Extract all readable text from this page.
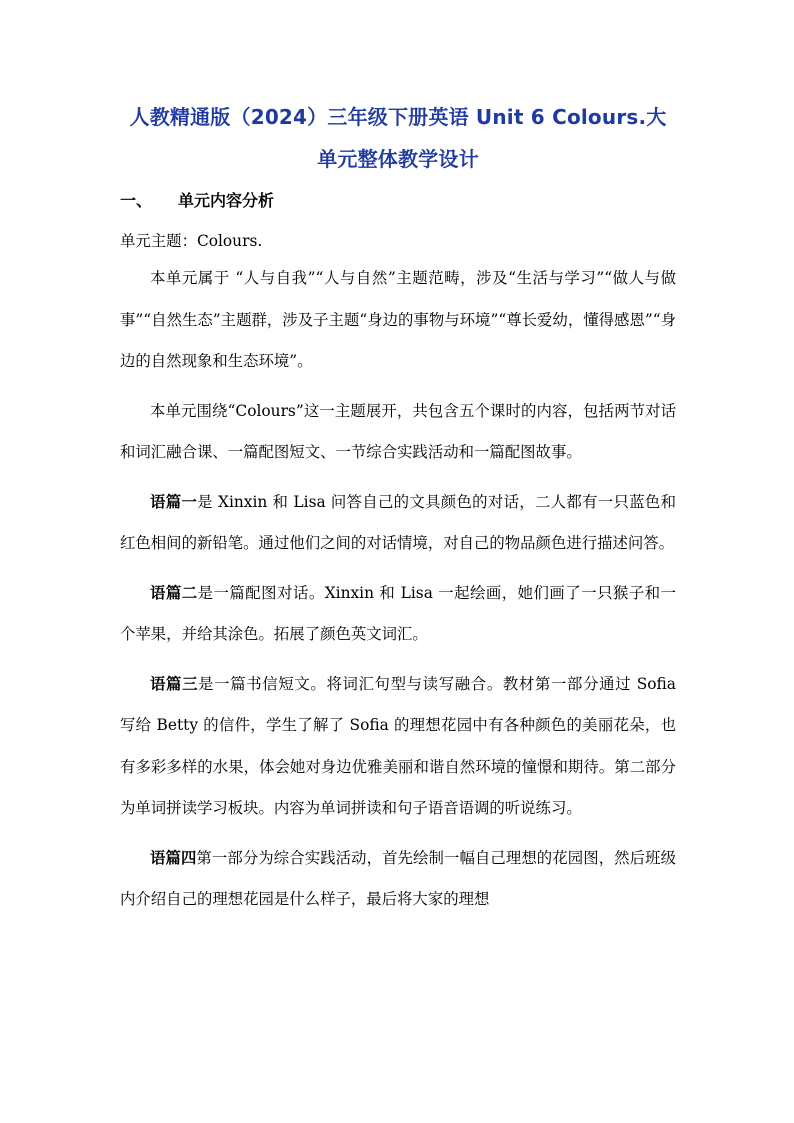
人教精通版（2024）三年级下册英语 Unit 6 Colours.大单元整体教学设计
一、 单元内容分析

单元主题：Colours.

本单元属于 “人与自我”“人与自然”主题范畴，涉及“生活与学习”“做人与做事”“自然生态”主题群，涉及子主题“身边的事物与环境”“尊长爱幼，懂得感恩”“身边的自然现象和生态环境”。

本单元围绕“Colours”这一主题展开，共包含五个课时的内容，包括两节对话和词汇融合课、一篇配图短文、一节综合实践活动和一篇配图故事。

语篇一是 Xinxin 和 Lisa 问答自己的文具颜色的对话，二人都有一只蓝色和红色相间的新铅笔。通过他们之间的对话情境，对自己的物品颜色进行描述问答。

语篇二是一篇配图对话。Xinxin 和 Lisa 一起绘画，她们画了一只猴子和一个苹果，并给其涂色。拓展了颜色英文词汇。

语篇三是一篇书信短文。将词汇句型与读写融合。教材第一部分通过 Sofia 写给 Betty 的信件，学生了解了 Sofia 的理想花园中有各种颜色的美丽花朵，也有多彩多样的水果，体会她对身边优雅美丽和谐自然环境的憧憬和期待。第二部分为单词拼读学习板块。内容为单词拼读和句子语音语调的听说练习。

语篇四第一部分为综合实践活动，首先绘制一幅自己理想的花园图，然后班级内介绍自己的理想花园是什么样子，最后将大家的理想
